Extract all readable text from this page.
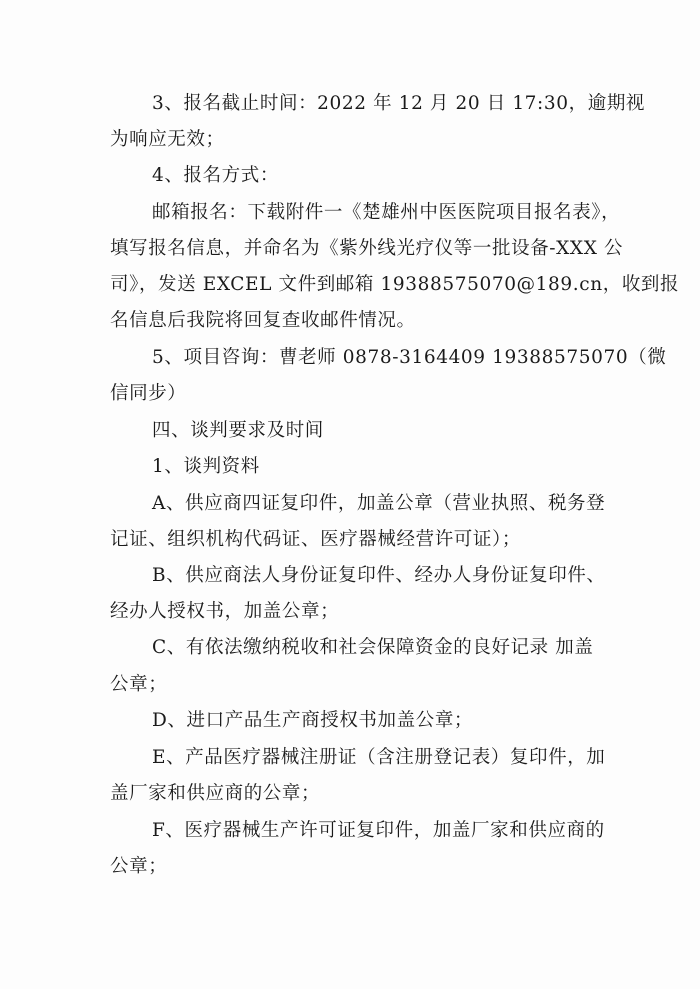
3、报名截止时间：2022 年 12 月 20 日 17:30，逾期视
为响应无效；
4、报名方式：
邮箱报名：下载附件一《楚雄州中医医院项目报名表》，
填写报名信息，并命名为《紫外线光疗仪等一批设备-XXX 公
司》，发送 EXCEL 文件到邮箱 19388575070@189.cn，收到报
名信息后我院将回复查收邮件情况。
5、项目咨询：曹老师 0878-3164409 19388575070（微
信同步）
四、谈判要求及时间
1、谈判资料
A、供应商四证复印件，加盖公章（营业执照、税务登
记证、组织机构代码证、医疗器械经营许可证）；
B、供应商法人身份证复印件、经办人身份证复印件、
经办人授权书，加盖公章；
C、有依法缴纳税收和社会保障资金的良好记录 加盖
公章；
D、进口产品生产商授权书加盖公章；
E、产品医疗器械注册证（含注册登记表）复印件，加
盖厂家和供应商的公章；
F、医疗器械生产许可证复印件，加盖厂家和供应商的
公章；
